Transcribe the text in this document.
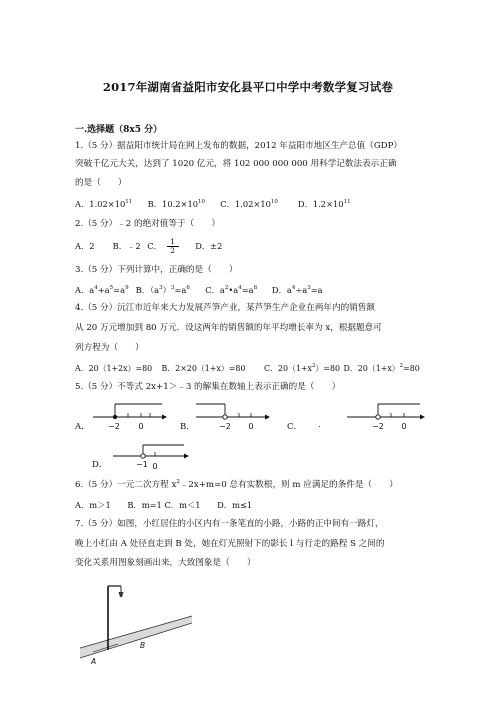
2017年湖南省益阳市安化县平口中学中考数学复习试卷
一.选择题（8x5 分）
1.（5 分）据益阳市统计局在网上发布的数据，2012 年益阳市地区生产总值（GDP）
突破千亿元大关，达到了 1020 亿元，将 102 000 000 000 用科学记数法表示正确
的是（　　）
A．$1.02\times 10^{11}$ B．$10.2\times 10^{10}$ C．$1.02\times 10^{10}$ D．$1.2\times 10^{11}$
2.（5 分）﹣2 的绝对值等于（　　）
A．2 B．﹣2 C． $\frac{1}{2}$ D．±2
3.（5 分）下列计算中，正确的是（　　）
A．$a^4+a^5=a^9$ B．$(a^3)^3=a^6$ C．$a^2•a^4=a^8$ D．$a^4\div a^3=a$
4.（5 分）沅江市近年来大力发展芦笋产业，某芦笋生产企业在两年内的销售额
从 20 万元增加到 80 万元．设这两年的销售额的年平均增长率为 x，根据题意可
列方程为（　　）
A．20（1+2x）=80 B．2×20（1+x）=80 C．$20(1+x^2)=80$ D．$20(1+x)^2=80$
5.（5 分）不等式 2x+1＞﹣3 的解集在数轴上表示正确的是（　　）
A． −2 0	B．	−2 0	C． .	−2 0
D．	−1 0
6.（5 分）一元二次方程 $x^2﹣2x+m=0$ 总有实数根，则 m 应满足的条件是（　　）
A．m＞1　　B．m=1 C．m＜1　　D．m≤1
7.（5 分）如图，小红居住的小区内有一条笔直的小路，小路的正中间有一路灯，
晚上小红由 A 处径直走到 B 处，她在灯光照射下的影长 l 与行走的路程 S 之间的
变化关系用图象刻画出来，大致图象是（　　）
A
B
